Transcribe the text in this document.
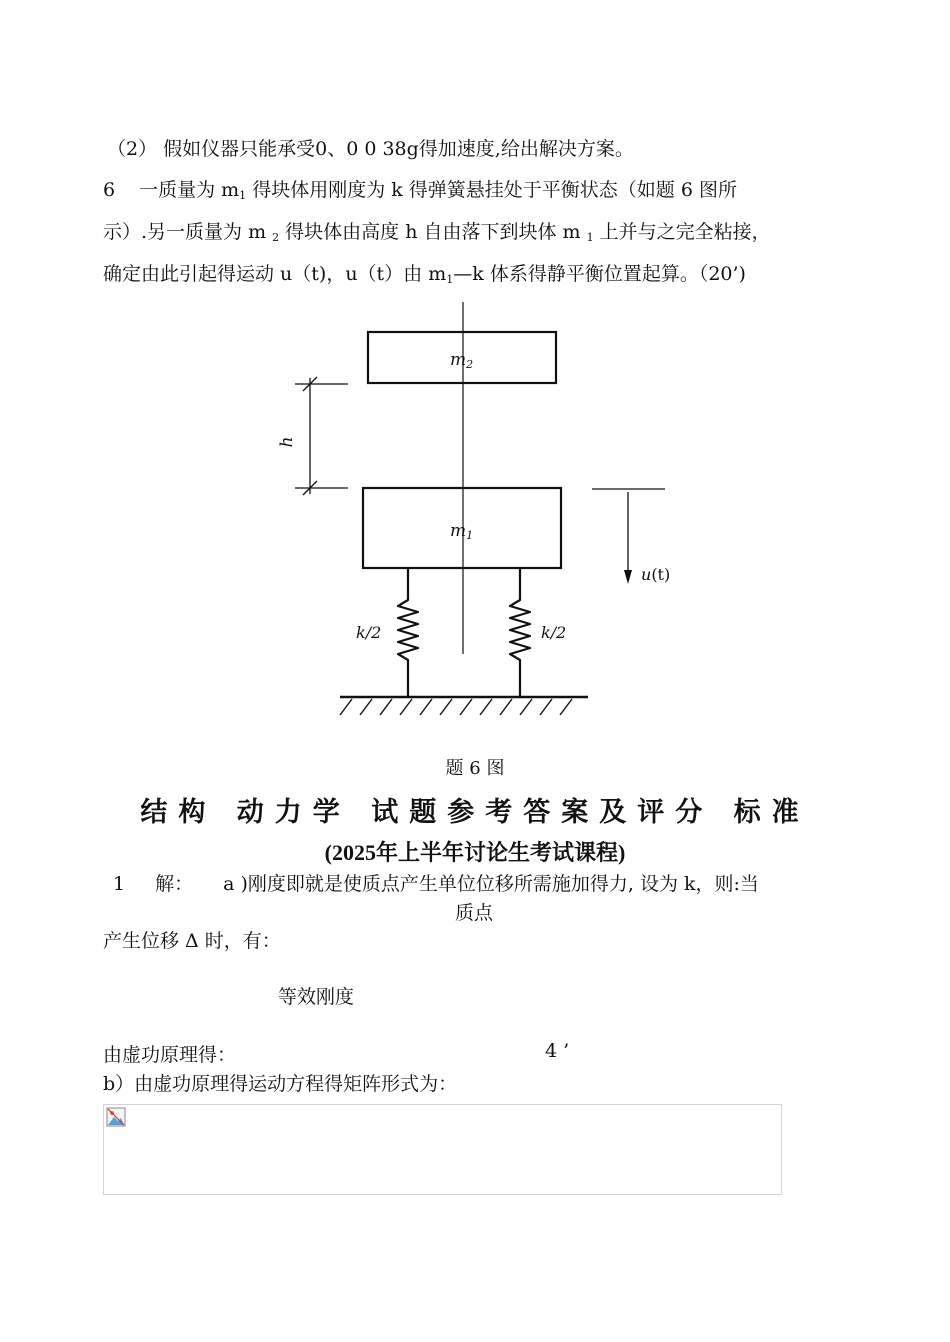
（2） 假如仪器只能承受0、0 0 38g得加速度,给出解决方案。
6 一质量为 $m_1$ 得块体用刚度为 k 得弹簧悬挂处于平衡状态（如题 6 图所
示）.另一质量为 m $_2$ 得块体由高度 h 自由落下到块体 m $_1$ 上并与之完全粘接，
确定由此引起得运动 u（t)，u（t）由 $m_1—k$ 体系得静平衡位置起算。（20’)
m2
h
m1
u(t)
k/2	k/2
题 6 图
结构 动力学 试题参考答案及评分 标准
(2025年上半年讨论生考试课程)
1 解： a )刚度即就是使质点产生单位位移所需施加得力, 设为 k，则:当
质点
产生位移 Δ 时，有：
等效刚度
由虚功原理得：	4 ’
b）由虚功原理得运动方程得矩阵形式为：
